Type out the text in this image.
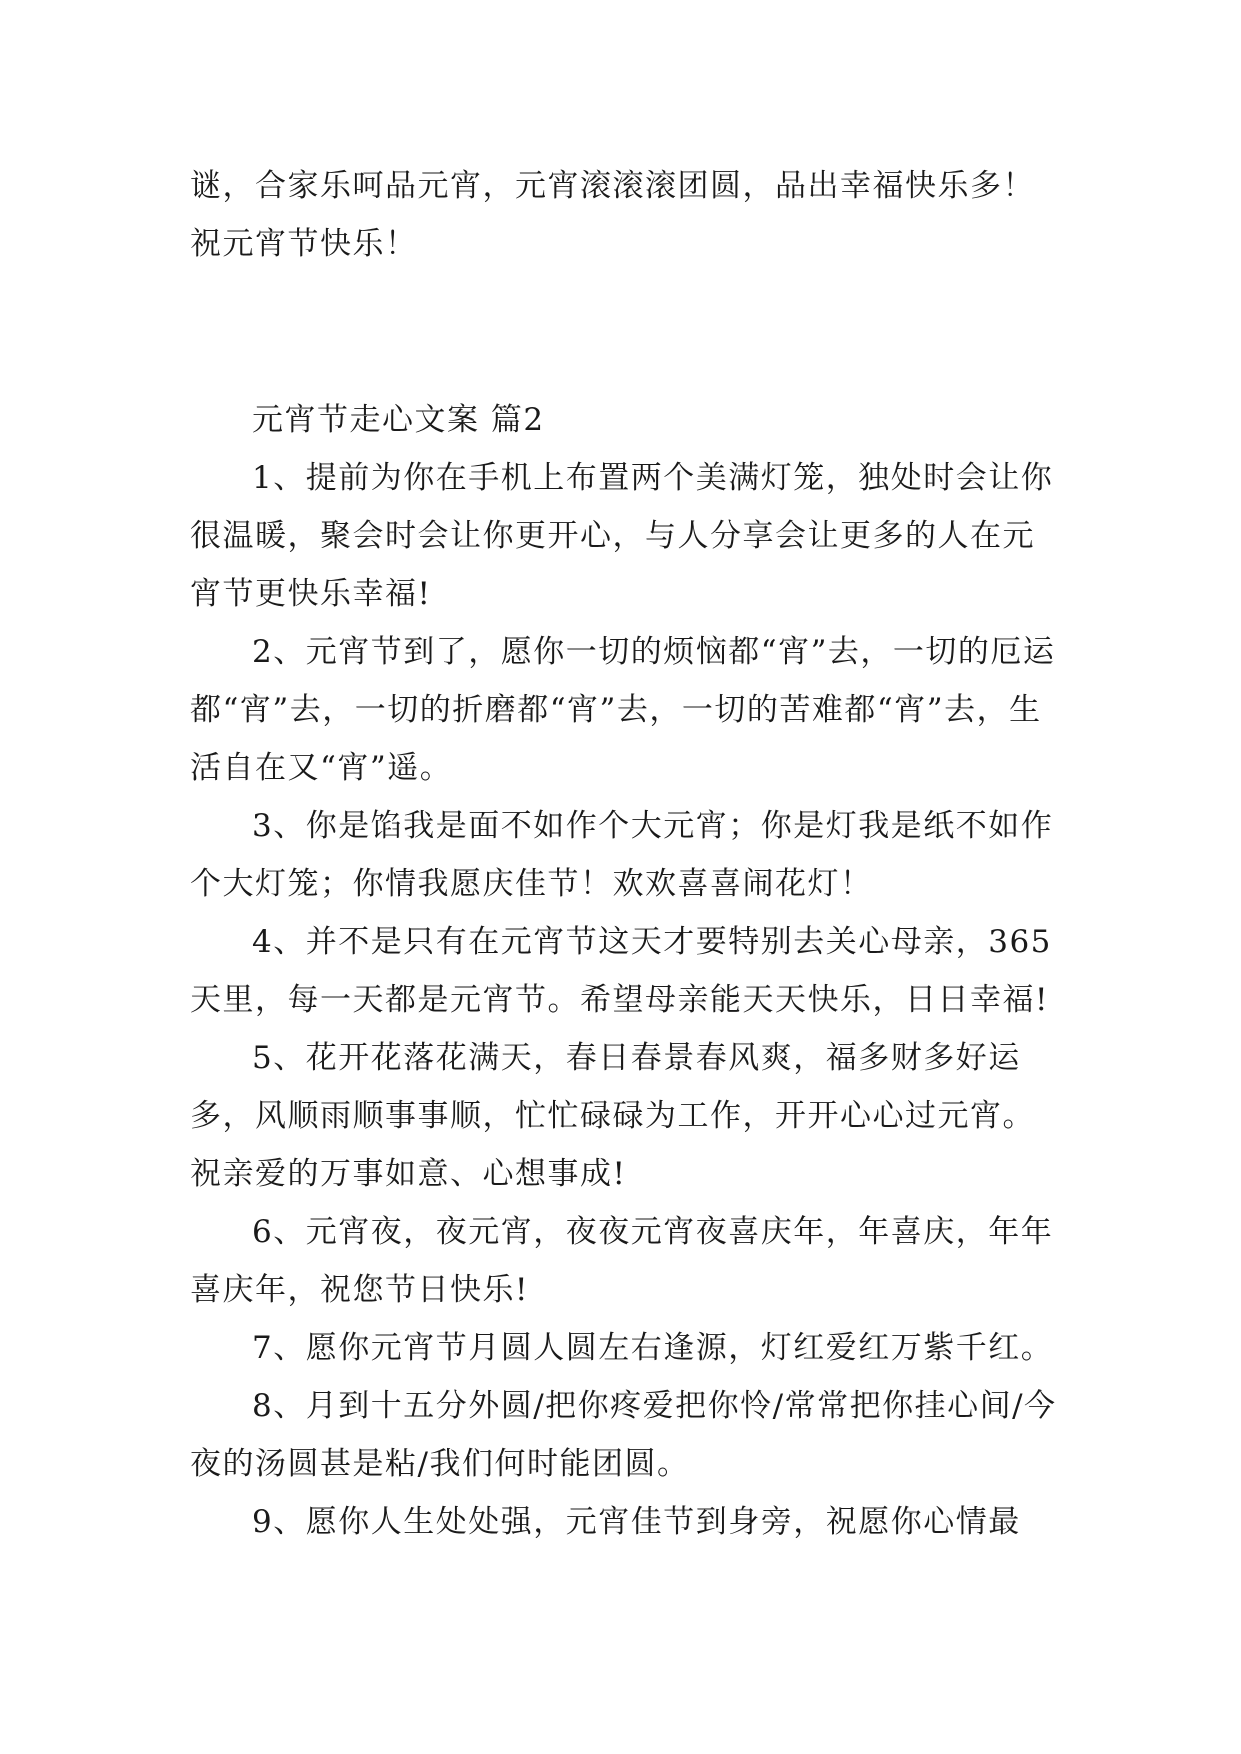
谜，合家乐呵品元宵，元宵滚滚滚团圆，品出幸福快乐多！祝元宵节快乐！

元宵节走心文案 篇2

1、提前为你在手机上布置两个美满灯笼，独处时会让你很温暖，聚会时会让你更开心，与人分享会让更多的人在元宵节更快乐幸福!

2、元宵节到了，愿你一切的烦恼都“宵”去，一切的厄运都“宵”去，一切的折磨都“宵”去，一切的苦难都“宵”去，生活自在又“宵”遥。

3、你是馅我是面不如作个大元宵；你是灯我是纸不如作个大灯笼；你情我愿庆佳节！欢欢喜喜闹花灯！

4、并不是只有在元宵节这天才要特别去关心母亲，365天里，每一天都是元宵节。希望母亲能天天快乐，日日幸福!

5、花开花落花满天，春日春景春风爽，福多财多好运多，风顺雨顺事事顺，忙忙碌碌为工作，开开心心过元宵。祝亲爱的万事如意、心想事成!

6、元宵夜，夜元宵，夜夜元宵夜喜庆年，年喜庆，年年喜庆年，祝您节日快乐!

7、愿你元宵节月圆人圆左右逢源，灯红爱红万紫千红。

8、月到十五分外圆/把你疼爱把你怜/常常把你挂心间/今夜的汤圆甚是粘/我们何时能团圆。

9、愿你人生处处强，元宵佳节到身旁，祝愿你心情最
